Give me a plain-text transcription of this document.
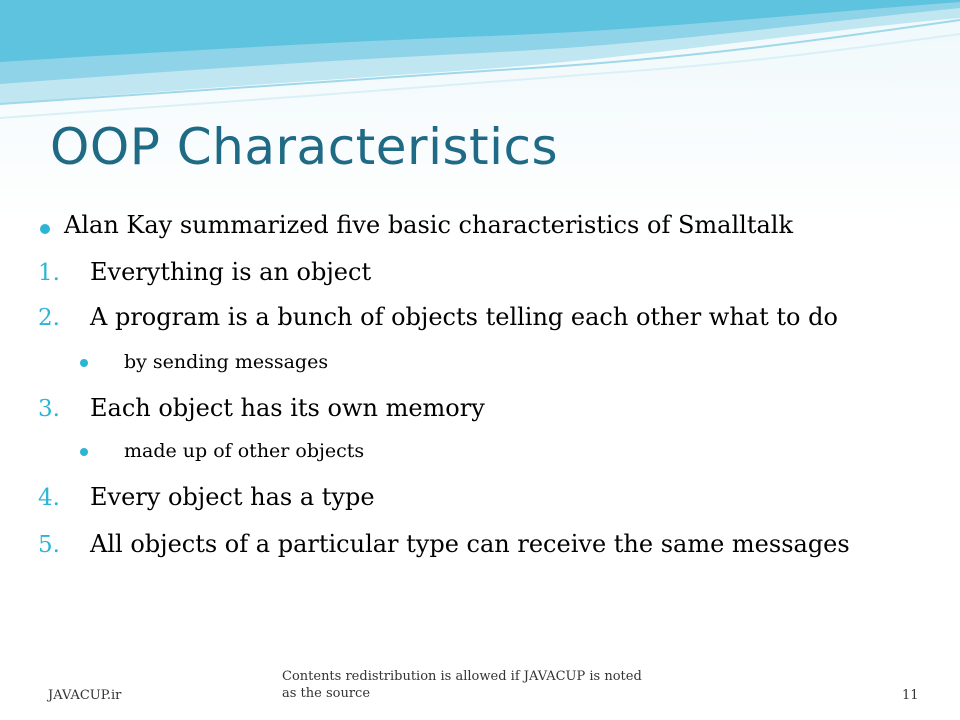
OOP Characteristics
Alan Kay summarized five basic characteristics of Smalltalk
1. Everything is an object
2. A program is a bunch of objects telling each other what to do
by sending messages
3. Each object has its own memory
made up of other objects
4. Every object has a type
5. All objects of a particular type can receive the same messages
JAVACUP.ir
Contents redistribution is allowed if JAVACUP is noted as the source	11
